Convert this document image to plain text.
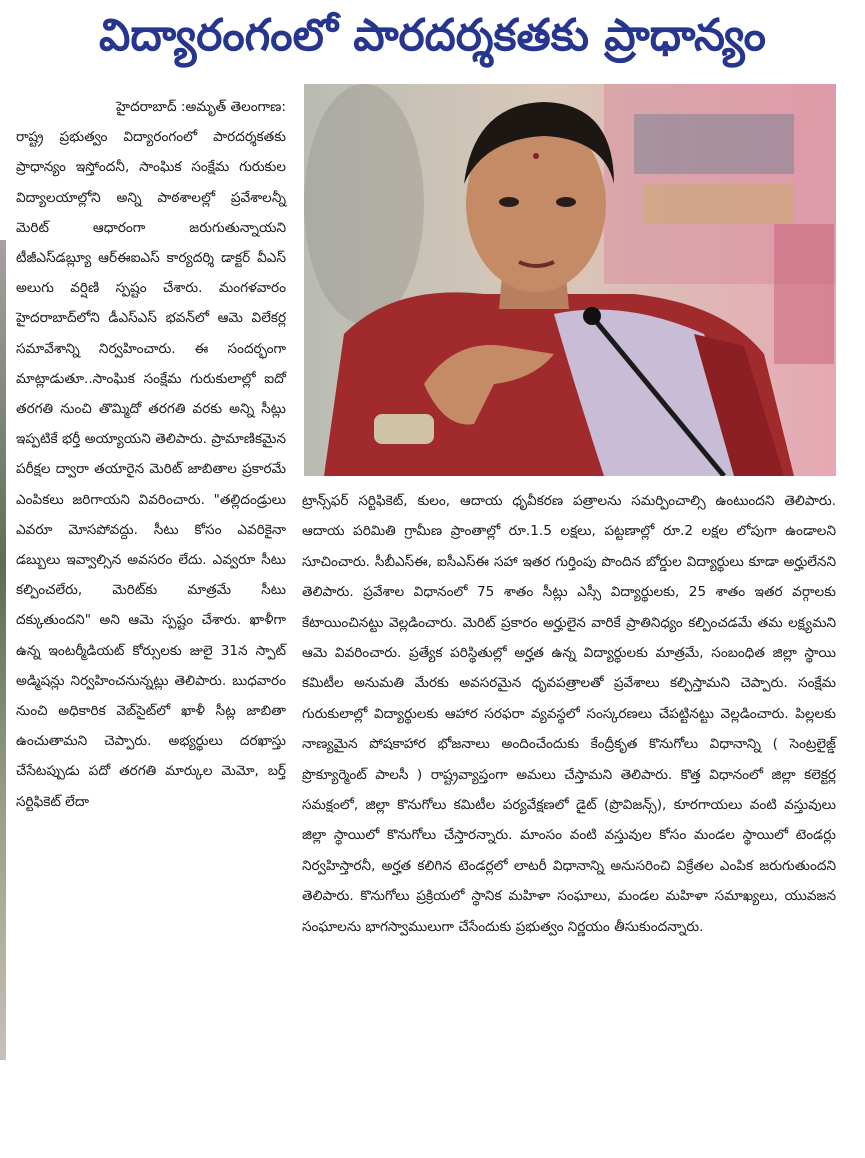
విద్యారంగంలో పారదర్శకతకు ప్రాధాన్యం

హైదరాబాద్ :అమృత్ తెలంగాణ:

రాష్ట్ర ప్రభుత్వం విద్యారంగంలో పారదర్శకతకు ప్రాధాన్యం ఇస్తోందనీ, సాంఘిక సంక్షేమ గురుకుల విద్యాలయాల్లోని అన్ని పాఠశాలల్లో ప్రవేశాలన్నీ మెరిట్ ఆధారంగా జరుగుతున్నాయని టీజీఎస్‌డబ్ల్యూ ఆర్ఈఐఎస్ కార్యదర్శి డాక్టర్ వీఎస్ అలుగు వర్షిణి స్పష్టం చేశారు. మంగళవారం హైదరాబాద్‌లోని డీఎస్ఎస్ భవన్‌లో ఆమె విలేకర్ల సమావేశాన్ని నిర్వహించారు. ఈ సందర్భంగా మాట్లాడుతూ..సాంఘిక సంక్షేమ గురుకులాల్లో ఐదో తరగతి నుంచి తొమ్మిదో తరగతి వరకు అన్ని సీట్లు ఇప్పటికే భర్తీ అయ్యాయని తెలిపారు. ప్రామాణికమైన పరీక్షల ద్వారా తయారైన మెరిట్ జాబితాల ప్రకారమే ఎంపికలు జరిగాయని వివరించారు. "తల్లిదండ్రులు ఎవరూ మోసపోవద్దు. సీటు కోసం ఎవరికైనా డబ్బులు ఇవ్వాల్సిన అవసరం లేదు. ఎవ్వరూ సీటు కల్పించలేరు, మెరిట్‌కు మాత్రమే సీటు దక్కుతుందని" అని ఆమె స్పష్టం చేశారు. ఖాళీగా ఉన్న ఇంటర్మీడియట్ కోర్సులకు జులై 31న స్పాట్ అడ్మిషన్లు నిర్వహించనున్నట్లు తెలిపారు. బుధవారం నుంచి అధికారిక వెబ్‌సైట్‌లో ఖాళీ సీట్ల జాబితా ఉంచుతామని చెప్పారు. అభ్యర్థులు దరఖాస్తు చేసేటప్పుడు పదో తరగతి మార్కుల మెమో, బర్త్ సర్టిఫికెట్ లేదా

ట్రాన్స్‌ఫర్ సర్టిఫికెట్, కులం, ఆదాయ ధృవీకరణ పత్రాలను సమర్పించాల్సి ఉంటుందని తెలిపారు. ఆదాయ పరిమితి గ్రామీణ ప్రాంతాల్లో రూ.1.5 లక్షలు, పట్టణాల్లో రూ.2 లక్షల లోపుగా ఉండాలని సూచించారు. సీబీఎస్ఈ, ఐసీఎస్ఈ సహా ఇతర గుర్తింపు పొందిన బోర్డుల విద్యార్థులు కూడా అర్హులేనని తెలిపారు. ప్రవేశాల విధానంలో 75 శాతం సీట్లు ఎస్సీ విద్యార్థులకు, 25 శాతం ఇతర వర్గాలకు కేటాయించినట్టు వెల్లడించారు. మెరిట్ ప్రకారం అర్హులైన వారికే ప్రాతినిధ్యం కల్పించడమే తమ లక్ష్యమని ఆమె వివరించారు. ప్రత్యేక పరిస్థితుల్లో అర్హత ఉన్న విద్యార్థులకు మాత్రమే, సంబంధిత జిల్లా స్థాయి కమిటీల అనుమతి మేరకు అవసరమైన ధృవపత్రాలతో ప్రవేశాలు కల్పిస్తామని చెప్పారు. సంక్షేమ గురుకులాల్లో విద్యార్థులకు ఆహార సరఫరా వ్యవస్థలో సంస్కరణలు చేపట్టినట్టు వెల్లడించారు. పిల్లలకు నాణ్యమైన పోషకాహార భోజనాలు అందించేందుకు కేంద్రీకృత కొనుగోలు విధానాన్ని ( సెంట్రలైజ్డ్ ప్రొక్యూర్మెంట్ పాలసీ ) రాష్ట్రవ్యాప్తంగా అమలు చేస్తామని తెలిపారు. కొత్త విధానంలో జిల్లా కలెక్టర్ల సమక్షంలో, జిల్లా కొనుగోలు కమిటీల పర్యవేక్షణలో డైట్ (ప్రొవిజన్స్), కూరగాయలు వంటి వస్తువులు జిల్లా స్థాయిలో కొనుగోలు చేస్తారన్నారు. మాంసం వంటి వస్తువుల కోసం మండల స్థాయిలో టెండర్లు నిర్వహిస్తారనీ, అర్హత కలిగిన టెండర్లలో లాటరీ విధానాన్ని అనుసరించి విక్రేతల ఎంపిక జరుగుతుందని తెలిపారు. కొనుగోలు ప్రక్రియలో స్థానిక మహిళా సంఘాలు, మండల మహిళా సమాఖ్యలు, యువజన సంఘాలను భాగస్వాములుగా చేసేందుకు ప్రభుత్వం నిర్ణయం తీసుకుందన్నారు.
